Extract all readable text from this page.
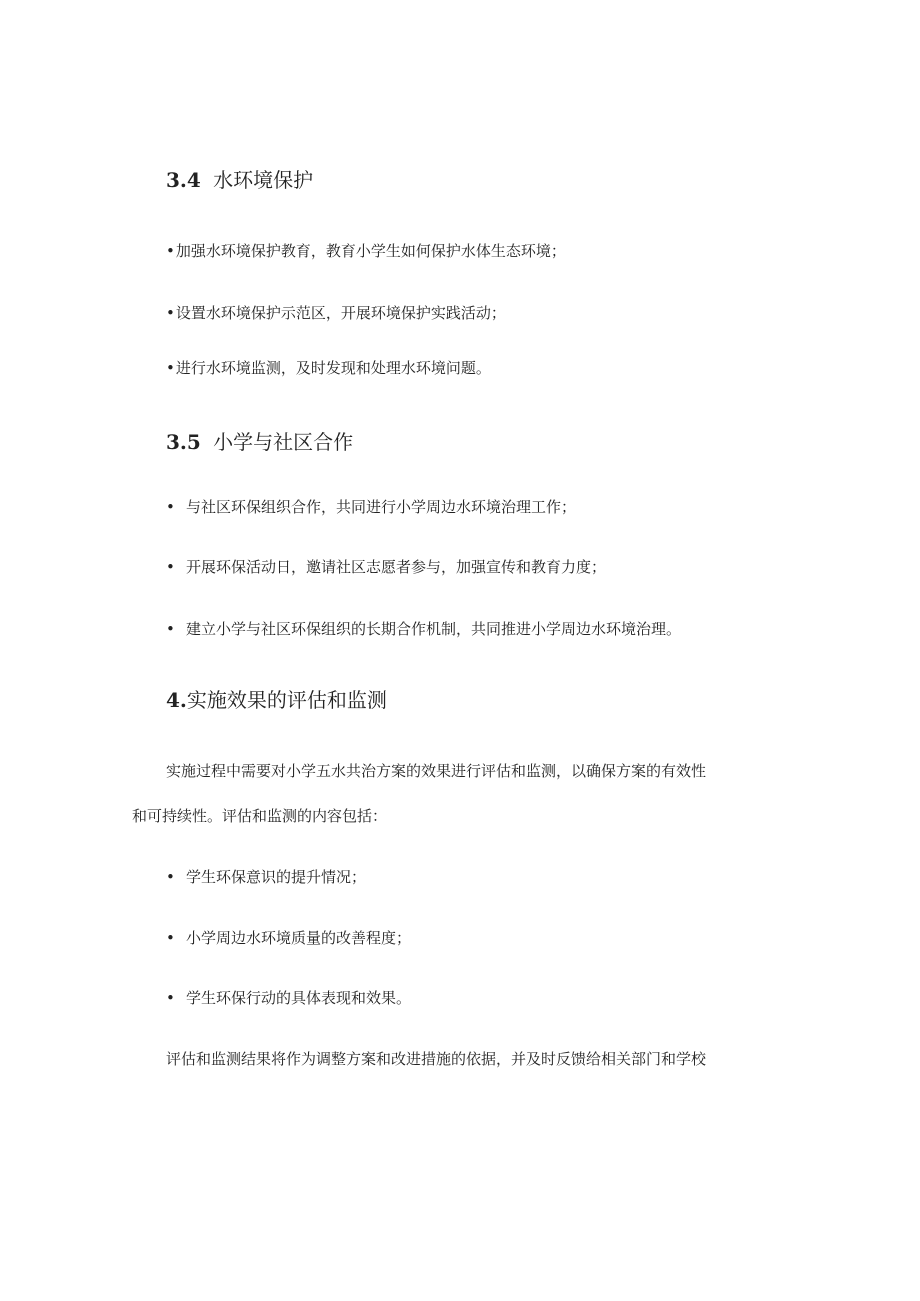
3.4 水环境保护
•加强水环境保护教育，教育小学生如何保护水体生态环境；
•设置水环境保护示范区，开展环境保护实践活动；
•进行水环境监测，及时发现和处理水环境问题。
3.5 小学与社区合作
• 与社区环保组织合作，共同进行小学周边水环境治理工作；
• 开展环保活动日，邀请社区志愿者参与，加强宣传和教育力度；
• 建立小学与社区环保组织的长期合作机制，共同推进小学周边水环境治理。
4.实施效果的评估和监测
实施过程中需要对小学五水共治方案的效果进行评估和监测，以确保方案的有效性
和可持续性。评估和监测的内容包括：
• 学生环保意识的提升情况；
• 小学周边水环境质量的改善程度；
• 学生环保行动的具体表现和效果。
评估和监测结果将作为调整方案和改进措施的依据，并及时反馈给相关部门和学校
